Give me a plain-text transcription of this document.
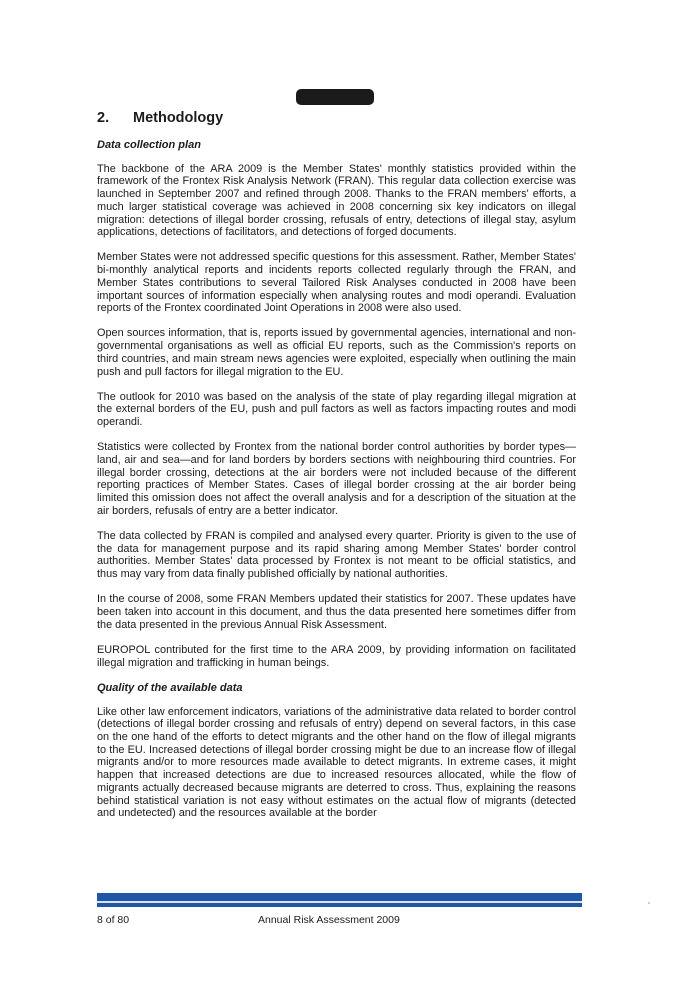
2.	Methodology
Data collection plan

The backbone of the ARA 2009 is the Member States' monthly statistics provided within the framework of the Frontex Risk Analysis Network (FRAN). This regular data collection exercise was launched in September 2007 and refined through 2008. Thanks to the FRAN members' efforts, a much larger statistical coverage was achieved in 2008 concerning six key indicators on illegal migration: detections of illegal border crossing, refusals of entry, detections of illegal stay, asylum applications, detections of facilitators, and detections of forged documents.

Member States were not addressed specific questions for this assessment. Rather, Member States' bi-monthly analytical reports and incidents reports collected regularly through the FRAN, and Member States contributions to several Tailored Risk Analyses conducted in 2008 have been important sources of information especially when analysing routes and modi operandi. Evaluation reports of the Frontex coordinated Joint Operations in 2008 were also used.

Open sources information, that is, reports issued by governmental agencies, international and non-governmental organisations as well as official EU reports, such as the Commission's reports on third countries, and main stream news agencies were exploited, especially when outlining the main push and pull factors for illegal migration to the EU.

The outlook for 2010 was based on the analysis of the state of play regarding illegal migration at the external borders of the EU, push and pull factors as well as factors impacting routes and modi operandi.

Statistics were collected by Frontex from the national border control authorities by border types—land, air and sea—and for land borders by borders sections with neighbouring third countries. For illegal border crossing, detections at the air borders were not included because of the different reporting practices of Member States. Cases of illegal border crossing at the air border being limited this omission does not affect the overall analysis and for a description of the situation at the air borders, refusals of entry are a better indicator.

The data collected by FRAN is compiled and analysed every quarter. Priority is given to the use of the data for management purpose and its rapid sharing among Member States' border control authorities. Member States' data processed by Frontex is not meant to be official statistics, and thus may vary from data finally published officially by national authorities.

In the course of 2008, some FRAN Members updated their statistics for 2007. These updates have been taken into account in this document, and thus the data presented here sometimes differ from the data presented in the previous Annual Risk Assessment.

EUROPOL contributed for the first time to the ARA 2009, by providing information on facilitated illegal migration and trafficking in human beings.

Quality of the available data

Like other law enforcement indicators, variations of the administrative data related to border control (detections of illegal border crossing and refusals of entry) depend on several factors, in this case on the one hand of the efforts to detect migrants and the other hand on the flow of illegal migrants to the EU. Increased detections of illegal border crossing might be due to an increase flow of illegal migrants and/or to more resources made available to detect migrants. In extreme cases, it might happen that increased detections are due to increased resources allocated, while the flow of migrants actually decreased because migrants are deterred to cross. Thus, explaining the reasons behind statistical variation is not easy without estimates on the actual flow of migrants (detected and undetected) and the resources available at the border

8 of 80	Annual Risk Assessment 2009
